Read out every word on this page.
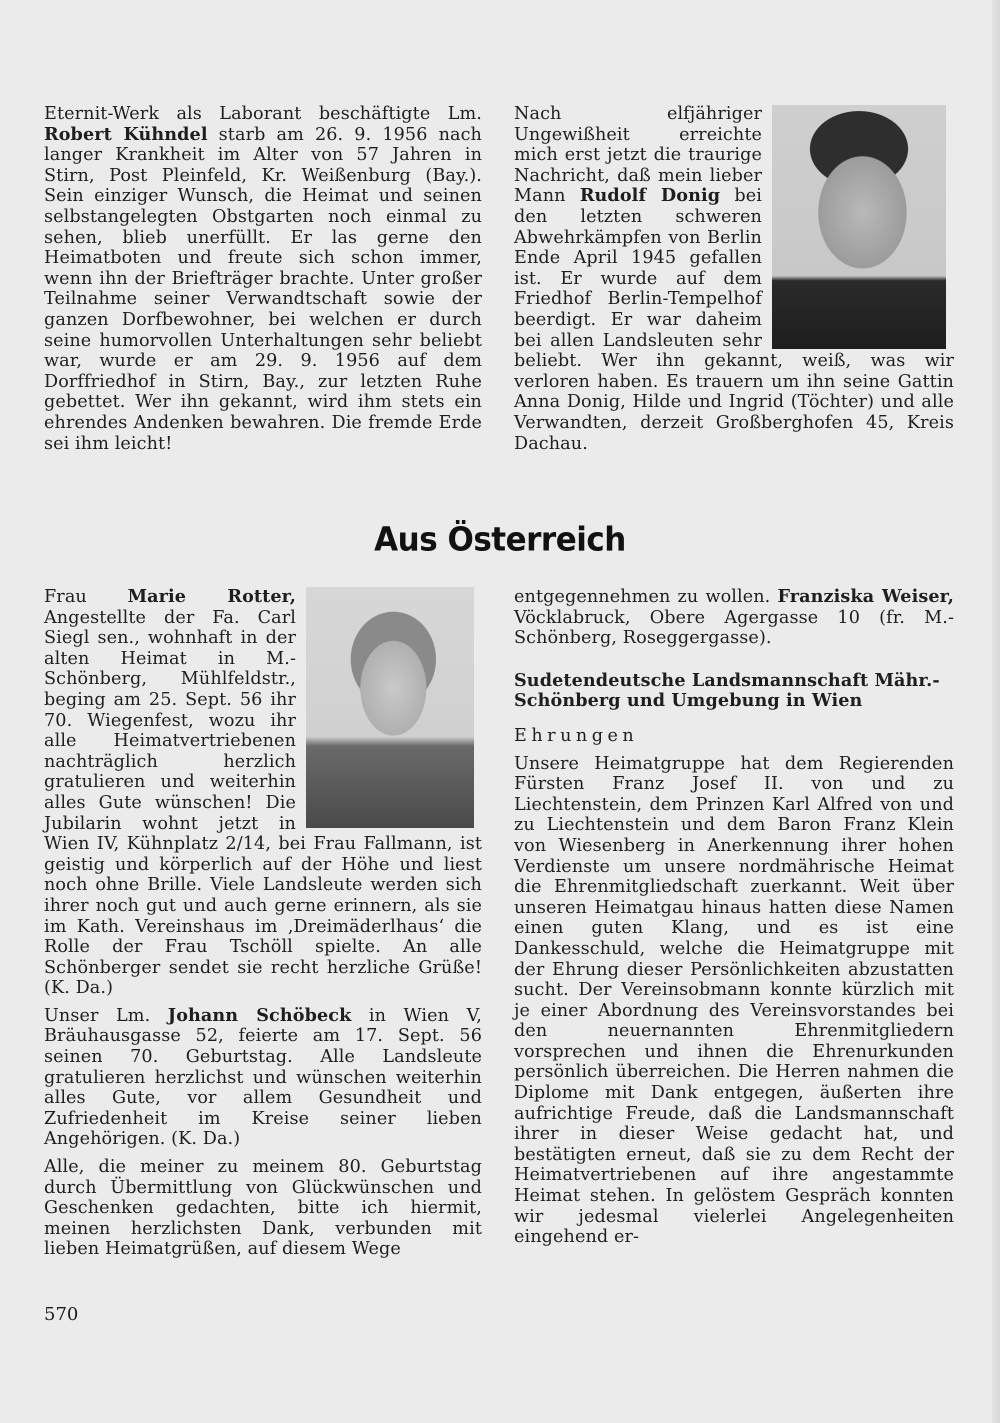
Eternit-Werk als Laborant beschäftigte Lm. Robert Kühndel starb am 26. 9. 1956 nach langer Krankheit im Alter von 57 Jahren in Stirn, Post Pleinfeld, Kr. Weißenburg (Bay.). Sein einziger Wunsch, die Heimat und seinen selbstangelegten Obstgarten noch einmal zu sehen, blieb unerfüllt. Er las gerne den Heimatboten und freute sich schon immer, wenn ihn der Briefträger brachte. Unter großer Teilnahme seiner Verwandtschaft sowie der ganzen Dorfbewohner, bei welchen er durch seine humorvollen Unterhaltungen sehr beliebt war, wurde er am 29. 9. 1956 auf dem Dorffriedhof in Stirn, Bay., zur letzten Ruhe gebettet. Wer ihn gekannt, wird ihm stets ein ehrendes Andenken bewahren. Die fremde Erde sei ihm leicht!

Nach elfjähriger Ungewißheit erreichte mich erst jetzt die traurige Nachricht, daß mein lieber Mann Rudolf Donig bei den letzten schweren Abwehrkämpfen von Berlin Ende April 1945 gefallen ist. Er wurde auf dem Friedhof Berlin-Tempelhof beerdigt. Er war daheim bei allen Landsleuten sehr beliebt. Wer ihn gekannt, weiß, was wir verloren haben. Es trauern um ihn seine Gattin Anna Donig, Hilde und Ingrid (Töchter) und alle Verwandten, derzeit Großberghofen 45, Kreis Dachau.

Aus Österreich

Frau Marie Rotter, Angestellte der Fa. Carl Siegl sen., wohnhaft in der alten Heimat in M.-Schönberg, Mühlfeldstr., beging am 25. Sept. 56 ihr 70. Wiegenfest, wozu ihr alle Heimatvertriebenen nachträglich herzlich gratulieren und weiterhin alles Gute wünschen! Die Jubilarin wohnt jetzt in Wien IV, Kühnplatz 2/14, bei Frau Fallmann, ist geistig und körperlich auf der Höhe und liest noch ohne Brille. Viele Landsleute werden sich ihrer noch gut und auch gerne erinnern, als sie im Kath. Vereinshaus im ‚Dreimäderlhaus‘ die Rolle der Frau Tschöll spielte. An alle Schönberger sendet sie recht herzliche Grüße! (K. Da.)

Unser Lm. Johann Schöbeck in Wien V, Bräuhausgasse 52, feierte am 17. Sept. 56 seinen 70. Geburtstag. Alle Landsleute gratulieren herzlichst und wünschen weiterhin alles Gute, vor allem Gesundheit und Zufriedenheit im Kreise seiner lieben Angehörigen. (K. Da.)

Alle, die meiner zu meinem 80. Geburtstag durch Übermittlung von Glückwünschen und Geschenken gedachten, bitte ich hiermit, meinen herzlichsten Dank, verbunden mit lieben Heimatgrüßen, auf diesem Wege

entgegennehmen zu wollen. Franziska Weiser, Vöcklabruck, Obere Agergasse 10 (fr. M.-Schönberg, Roseggergasse).

Sudetendeutsche Landsmannschaft Mähr.-Schönberg und Umgebung in Wien

Ehrungen

Unsere Heimatgruppe hat dem Regierenden Fürsten Franz Josef II. von und zu Liechtenstein, dem Prinzen Karl Alfred von und zu Liechtenstein und dem Baron Franz Klein von Wiesenberg in Anerkennung ihrer hohen Verdienste um unsere nordmährische Heimat die Ehrenmitgliedschaft zuerkannt. Weit über unseren Heimatgau hinaus hatten diese Namen einen guten Klang, und es ist eine Dankesschuld, welche die Heimatgruppe mit der Ehrung dieser Persönlichkeiten abzustatten sucht. Der Vereinsobmann konnte kürzlich mit je einer Abordnung des Vereinsvorstandes bei den neuernannten Ehrenmitgliedern vorsprechen und ihnen die Ehrenurkunden persönlich überreichen. Die Herren nahmen die Diplome mit Dank entgegen, äußerten ihre aufrichtige Freude, daß die Landsmannschaft ihrer in dieser Weise gedacht hat, und bestätigten erneut, daß sie zu dem Recht der Heimatvertriebenen auf ihre angestammte Heimat stehen. In gelöstem Gespräch konnten wir jedesmal vielerlei Angelegenheiten eingehend er-

570
